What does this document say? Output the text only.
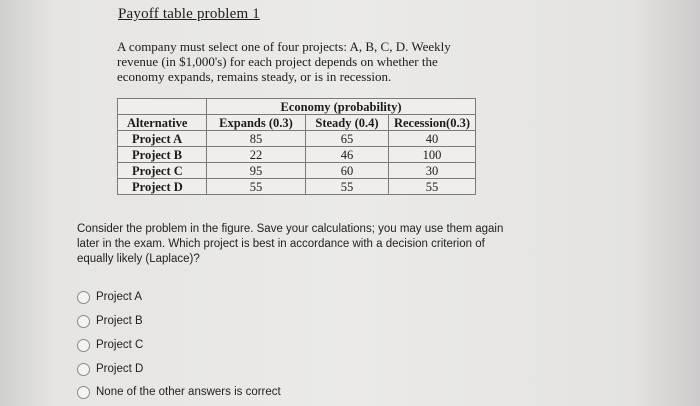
Payoff table problem 1
A company must select one of four projects: A, B, C, D. Weekly revenue (in $1,000's) for each project depends on whether the economy expands, remains steady, or is in recession.
	Economy (probability)		
Alternative	Expands (0.3)	Steady (0.4)	Recession(0.3)
Project A	85	65	40
Project B	22	46	100
Project C	95	60	30
Project D	55	55	55
Consider the problem in the figure. Save your calculations; you may use them again later in the exam. Which project is best in accordance with a decision criterion of equally likely (Laplace)?
Project A
Project B
Project C
Project D
None of the other answers is correct
